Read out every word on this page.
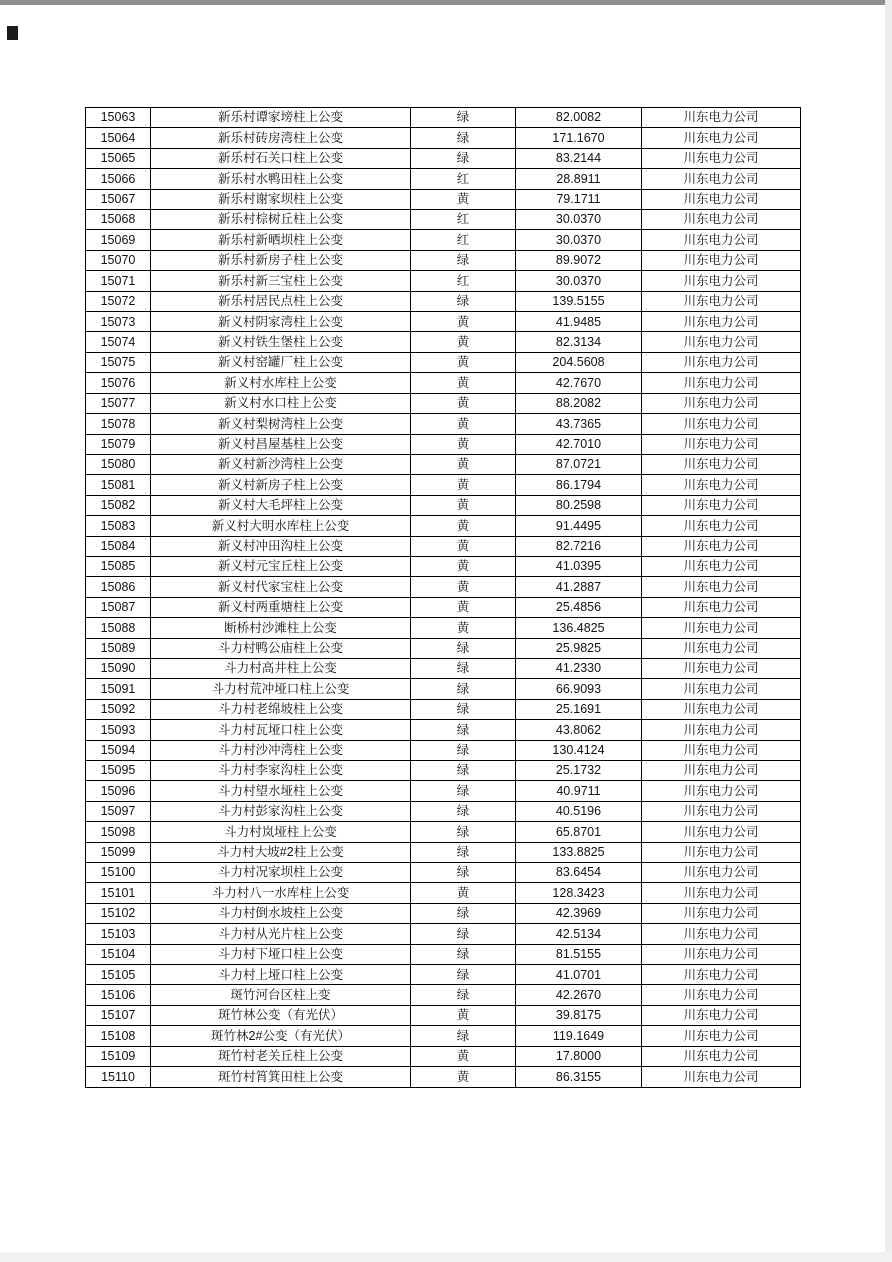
15063	新乐村谭家塝柱上公变	绿	82.0082	川东电力公司
15064	新乐村砖房湾柱上公变	绿	171.1670	川东电力公司
15065	新乐村石关口柱上公变	绿	83.2144	川东电力公司
15066	新乐村水鸭田柱上公变	红	28.8911	川东电力公司
15067	新乐村谢家坝柱上公变	黄	79.1711	川东电力公司
15068	新乐村棕树丘柱上公变	红	30.0370	川东电力公司
15069	新乐村新晒坝柱上公变	红	30.0370	川东电力公司
15070	新乐村新房子柱上公变	绿	89.9072	川东电力公司
15071	新乐村新三宝柱上公变	红	30.0370	川东电力公司
15072	新乐村居民点柱上公变	绿	139.5155	川东电力公司
15073	新义村阴家湾柱上公变	黄	41.9485	川东电力公司
15074	新义村铁生堡柱上公变	黄	82.3134	川东电力公司
15075	新义村窑罐厂柱上公变	黄	204.5608	川东电力公司
15076	新义村水库柱上公变	黄	42.7670	川东电力公司
15077	新义村水口柱上公变	黄	88.2082	川东电力公司
15078	新义村梨树湾柱上公变	黄	43.7365	川东电力公司
15079	新义村昌屋基柱上公变	黄	42.7010	川东电力公司
15080	新义村新沙湾柱上公变	黄	87.0721	川东电力公司
15081	新义村新房子柱上公变	黄	86.1794	川东电力公司
15082	新义村大毛坪柱上公变	黄	80.2598	川东电力公司
15083	新义村大明水库柱上公变	黄	91.4495	川东电力公司
15084	新义村冲田沟柱上公变	黄	82.7216	川东电力公司
15085	新义村元宝丘柱上公变	黄	41.0395	川东电力公司
15086	新义村代家宝柱上公变	黄	41.2887	川东电力公司
15087	新义村两重塘柱上公变	黄	25.4856	川东电力公司
15088	断桥村沙滩柱上公变	黄	136.4825	川东电力公司
15089	斗力村鸭公庙柱上公变	绿	25.9825	川东电力公司
15090	斗力村高井柱上公变	绿	41.2330	川东电力公司
15091	斗力村荒冲垭口柱上公变	绿	66.9093	川东电力公司
15092	斗力村老绵坡柱上公变	绿	25.1691	川东电力公司
15093	斗力村瓦垭口柱上公变	绿	43.8062	川东电力公司
15094	斗力村沙冲湾柱上公变	绿	130.4124	川东电力公司
15095	斗力村李家沟柱上公变	绿	25.1732	川东电力公司
15096	斗力村望水垭柱上公变	绿	40.9711	川东电力公司
15097	斗力村彭家沟柱上公变	绿	40.5196	川东电力公司
15098	斗力村岚垭柱上公变	绿	65.8701	川东电力公司
15099	斗力村大坡#2柱上公变	绿	133.8825	川东电力公司
15100	斗力村况家坝柱上公变	绿	83.6454	川东电力公司
15101	斗力村八一水库柱上公变	黄	128.3423	川东电力公司
15102	斗力村倒水坡柱上公变	绿	42.3969	川东电力公司
15103	斗力村从光片柱上公变	绿	42.5134	川东电力公司
15104	斗力村下垭口柱上公变	绿	81.5155	川东电力公司
15105	斗力村上垭口柱上公变	绿	41.0701	川东电力公司
15106	斑竹河台区柱上变	绿	42.2670	川东电力公司
15107	斑竹林公变（有光伏）	黄	39.8175	川东电力公司
15108	斑竹林2#公变（有光伏）	绿	119.1649	川东电力公司
15109	斑竹村老关丘柱上公变	黄	17.8000	川东电力公司
15110	斑竹村筲箕田柱上公变	黄	86.3155	川东电力公司
